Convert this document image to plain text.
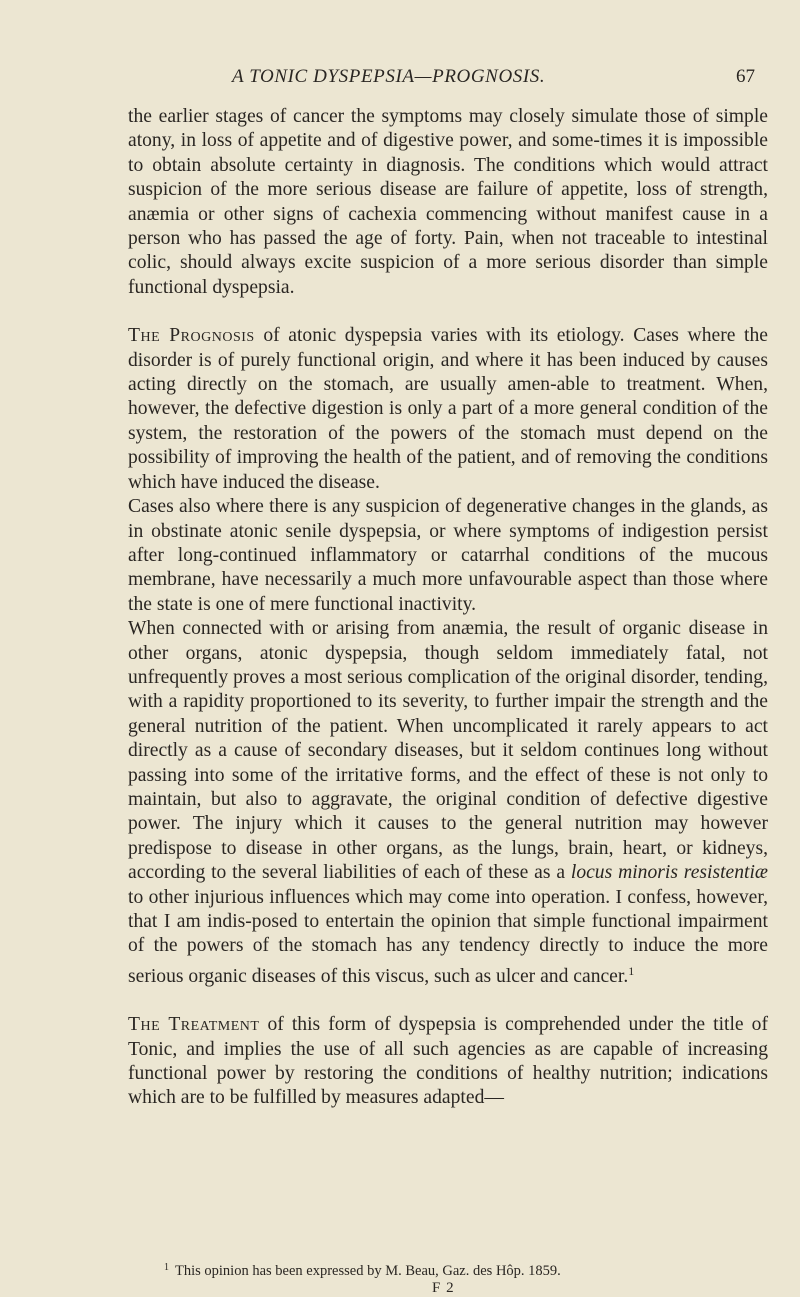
A TONIC DYSPEPSIA—PROGNOSIS.	67

the earlier stages of cancer the symptoms may closely simulate those of simple atony, in loss of appetite and of digestive power, and some-times it is impossible to obtain absolute certainty in diagnosis. The conditions which would attract suspicion of the more serious disease are failure of appetite, loss of strength, anæmia or other signs of cachexia commencing without manifest cause in a person who has passed the age of forty. Pain, when not traceable to intestinal colic, should always excite suspicion of a more serious disorder than simple functional dyspepsia.

The Prognosis of atonic dyspepsia varies with its etiology. Cases where the disorder is of purely functional origin, and where it has been induced by causes acting directly on the stomach, are usually amen-able to treatment. When, however, the defective digestion is only a part of a more general condition of the system, the restoration of the powers of the stomach must depend on the possibility of improving the health of the patient, and of removing the conditions which have induced the disease.

Cases also where there is any suspicion of degenerative changes in the glands, as in obstinate atonic senile dyspepsia, or where symptoms of indigestion persist after long-continued inflammatory or catarrhal conditions of the mucous membrane, have necessarily a much more unfavourable aspect than those where the state is one of mere functional inactivity.

When connected with or arising from anæmia, the result of organic disease in other organs, atonic dyspepsia, though seldom immediately fatal, not unfrequently proves a most serious complication of the original disorder, tending, with a rapidity proportioned to its severity, to further impair the strength and the general nutrition of the patient. When uncomplicated it rarely appears to act directly as a cause of secondary diseases, but it seldom continues long without passing into some of the irritative forms, and the effect of these is not only to maintain, but also to aggravate, the original condition of defective digestive power. The injury which it causes to the general nutrition may however predispose to disease in other organs, as the lungs, brain, heart, or kidneys, according to the several liabilities of each of these as a locus minoris resistentiæ to other injurious influences which may come into operation. I confess, however, that I am indis-posed to entertain the opinion that simple functional impairment of the powers of the stomach has any tendency directly to induce the more serious organic diseases of this viscus, such as ulcer and cancer.$^1$

The Treatment of this form of dyspepsia is comprehended under the title of Tonic, and implies the use of all such agencies as are capable of increasing functional power by restoring the conditions of healthy nutrition; indications which are to be fulfilled by measures adapted—

$^1$ This opinion has been expressed by M. Beau, Gaz. des Hôp. 1859.
F 2
